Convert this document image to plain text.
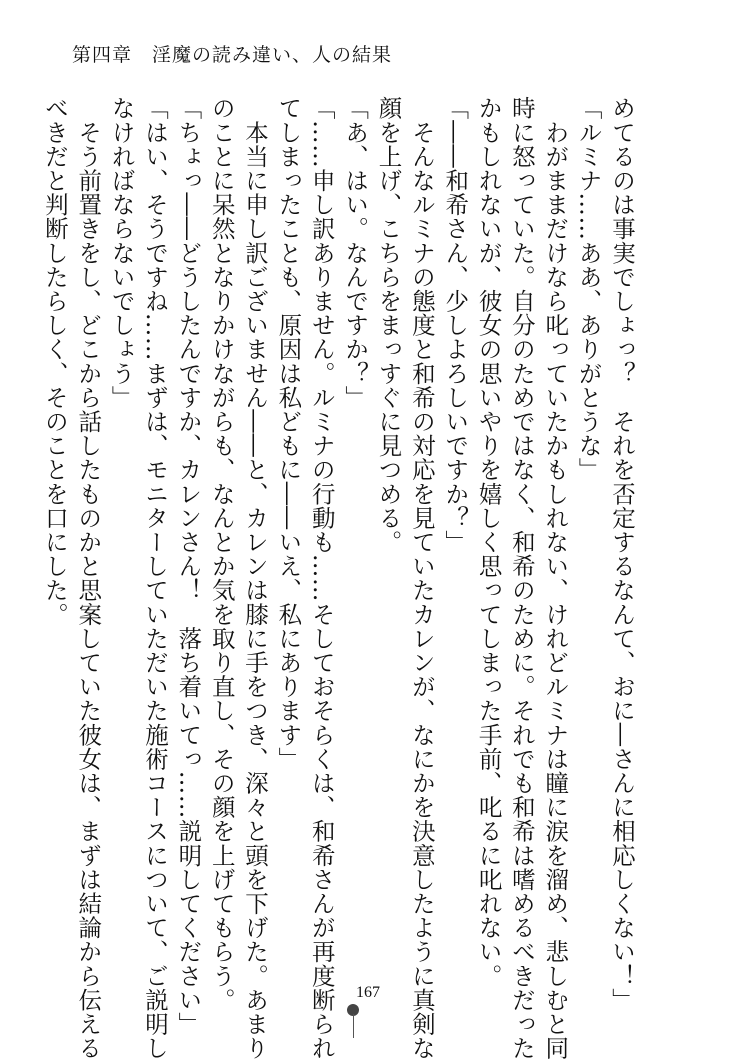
第四章　淫魔の読み違い、人の結果
めてるのは事実でしょっ？　それを否定するなんて、おに―さんに相応しくない！」
「ルミナ……ああ、ありがとうな」
　わがままだけなら叱っていたかもしれない、けれどルミナは瞳に涙を溜め、悲しむと同
時に怒っていた。自分のためではなく、和希のために。それでも和希は嗜めるべきだった
かもしれないが、彼女の思いやりを嬉しく思ってしまった手前、叱るに叱れない。
「――和希さん、少しよろしいですか？」
　そんなルミナの態度と和希の対応を見ていたカレンが、なにかを決意したように真剣な
顔を上げ、こちらをまっすぐに見つめる。
「あ、はい。なんですか？」
「……申し訳ありません。ルミナの行動も……そしておそらくは、和希さんが再度断られ
てしまったことも、原因は私どもに――いえ、私にあります」
　本当に申し訳ございません――と、カレンは膝に手をつき、深々と頭を下げた。あまり
のことに呆然となりかけながらも、なんとか気を取り直し、その顔を上げてもらう。
「ちょっ――どうしたんですか、カレンさん！　落ち着いてっ……説明してください」
「はい、そうですね……まずは、モニターしていただいた施術コースについて、ご説明し
なければならないでしょう」
　そう前置きをし、どこから話したものかと思案していた彼女は、まずは結論から伝える
べきだと判断したらしく、そのことを口にした。
167
